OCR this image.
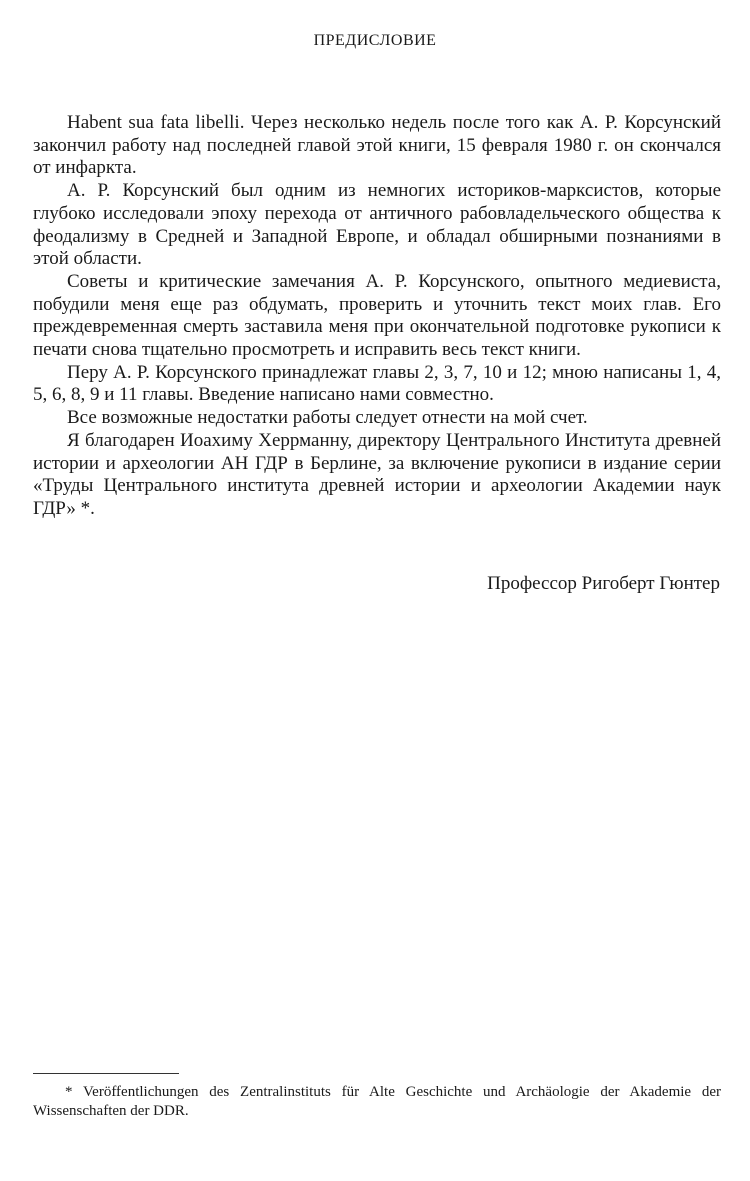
ПРЕДИСЛОВИЕ

Habent sua fata libelli. Через несколько недель после того как А. Р. Корсунский закончил работу над последней главой этой книги, 15 февраля 1980 г. он скончался от инфаркта.

А. Р. Корсунский был одним из немногих историков-марксистов, которые глубоко исследовали эпоху перехода от античного рабовладельческого общества к феодализму в Средней и Западной Европе, и обладал обширными познаниями в этой области.

Советы и критические замечания А. Р. Корсунского, опытного медиевиста, побудили меня еще раз обдумать, проверить и уточнить текст моих глав. Его преждевременная смерть заставила меня при окончательной подготовке рукописи к печати снова тщательно просмотреть и исправить весь текст книги.

Перу А. Р. Корсунского принадлежат главы 2, 3, 7, 10 и 12; мною написаны 1, 4, 5, 6, 8, 9 и 11 главы. Введение написано нами совместно.

Все возможные недостатки работы следует отнести на мой счет.

Я благодарен Иоахиму Херрманну, директору Центрального Института древней истории и археологии АН ГДР в Берлине, за включение рукописи в издание серии «Труды Центрального института древней истории и археологии Академии наук ГДР» *.

Профессор Ригоберт Гюнтер
* Veröffentlichungen des Zentralinstituts für Alte Geschichte und Archäologie der Akademie der Wissenschaften der DDR.
